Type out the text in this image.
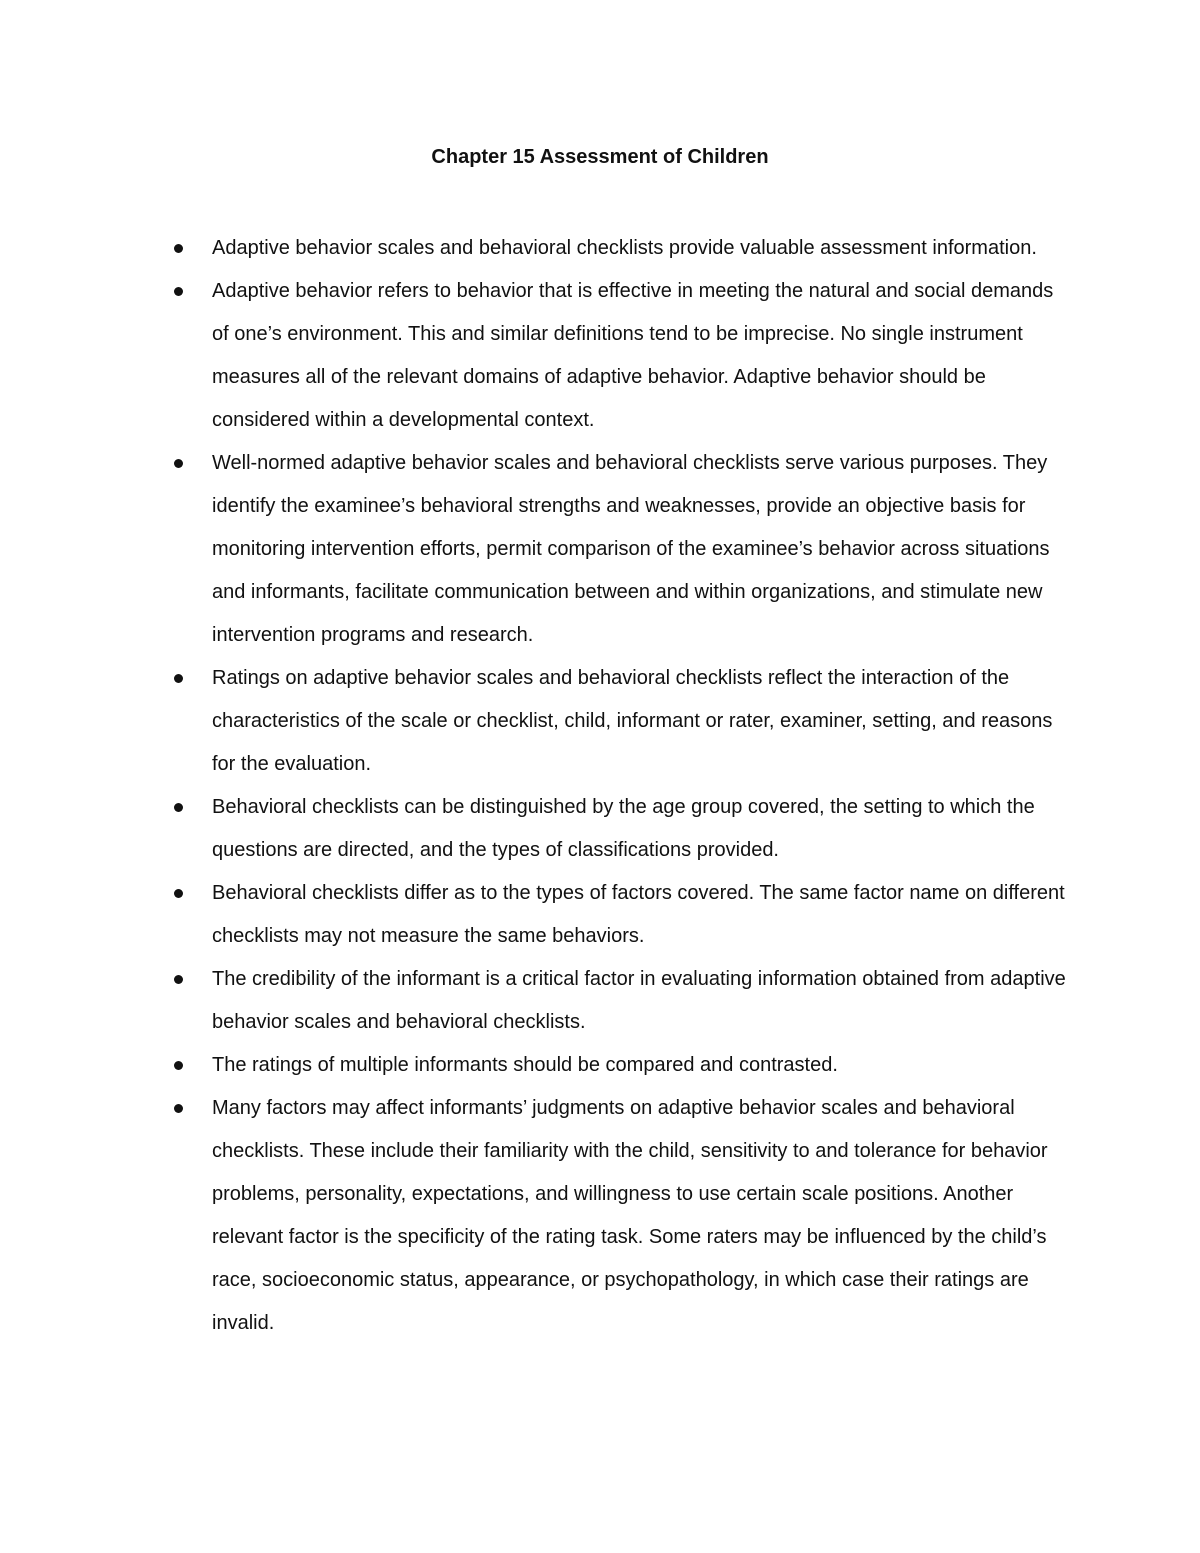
Chapter 15 Assessment of Children
Adaptive behavior scales and behavioral checklists provide valuable assessment information.
Adaptive behavior refers to behavior that is effective in meeting the natural and social demands of one’s environment. This and similar definitions tend to be imprecise. No single instrument measures all of the relevant domains of adaptive behavior. Adaptive behavior should be considered within a developmental context.
Well-normed adaptive behavior scales and behavioral checklists serve various purposes. They identify the examinee’s behavioral strengths and weaknesses, provide an objective basis for monitoring intervention efforts, permit comparison of the examinee’s behavior across situations and informants, facilitate communication between and within organizations, and stimulate new intervention programs and research.
Ratings on adaptive behavior scales and behavioral checklists reflect the interaction of the characteristics of the scale or checklist, child, informant or rater, examiner, setting, and reasons for the evaluation.
Behavioral checklists can be distinguished by the age group covered, the setting to which the questions are directed, and the types of classifications provided.
Behavioral checklists differ as to the types of factors covered. The same factor name on different checklists may not measure the same behaviors.
The credibility of the informant is a critical factor in evaluating information obtained from adaptive behavior scales and behavioral checklists.
The ratings of multiple informants should be compared and contrasted.
Many factors may affect informants’ judgments on adaptive behavior scales and behavioral checklists. These include their familiarity with the child, sensitivity to and tolerance for behavior problems, personality, expectations, and willingness to use certain scale positions. Another relevant factor is the specificity of the rating task. Some raters may be influenced by the child’s race, socioeconomic status, appearance, or psychopathology, in which case their ratings are invalid.
